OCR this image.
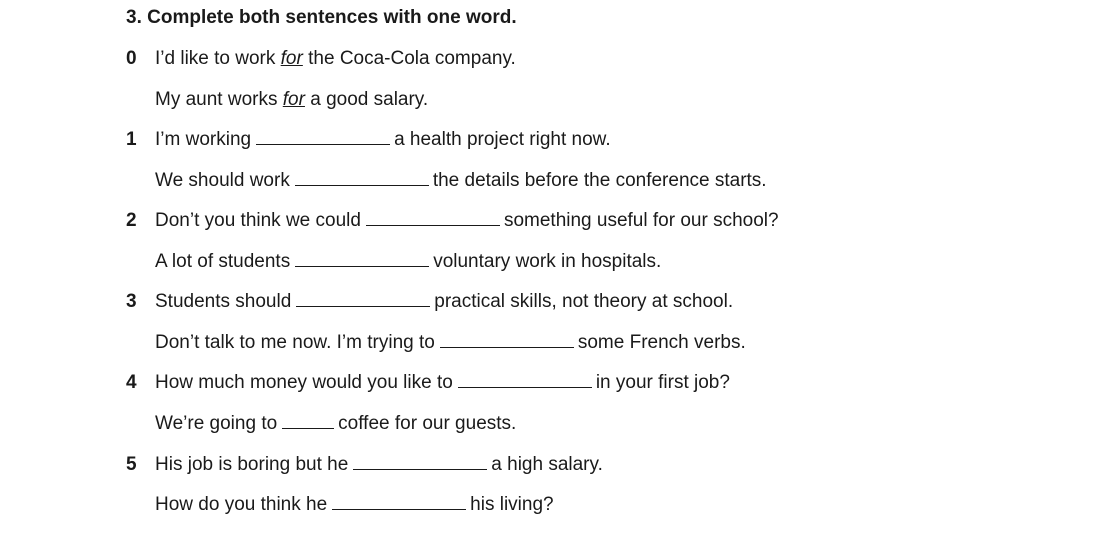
3. Complete both sentences with one word.
0 I’d like to work for the Coca-Cola company.
My aunt works for a good salary.
1 I’m working	a health project right now.
We should work	the details before the conference starts.
2 Don’t you think we could	something useful for our school?
A lot of students	voluntary work in hospitals.
3 Students should	practical skills, not theory at school.
Don’t talk to me now. I’m trying to	some French verbs.
4 How much money would you like to	in your first job?
We’re going to	coffee for our guests.
5 His job is boring but he	a high salary.
How do you think he	his living?
